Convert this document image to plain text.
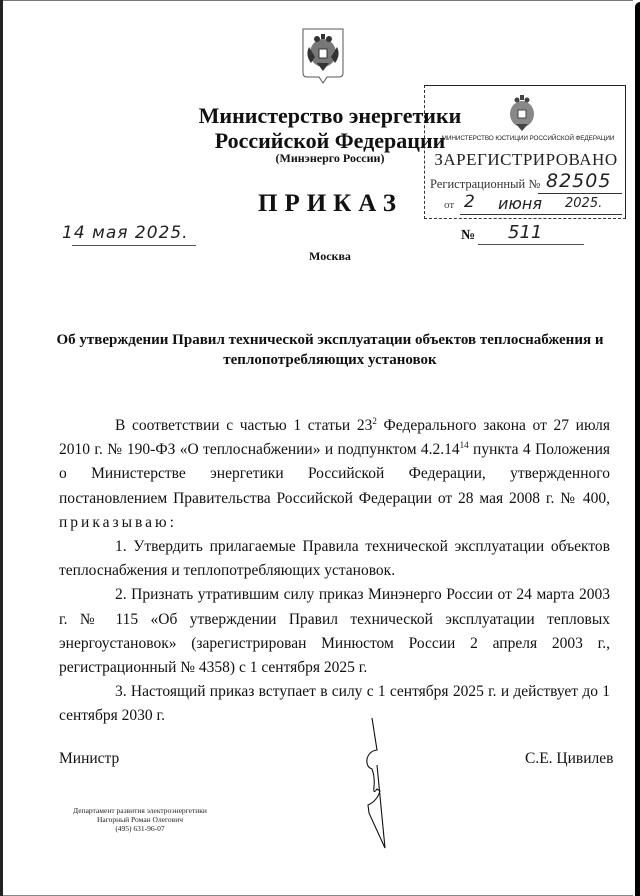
Министерство энергетики
Российской Федерации
(Минэнерго России)
ПРИКАЗ
МИНИСТЕРСТВО ЮСТИЦИИ РОССИЙСКОЙ ФЕДЕРАЦИИ
ЗАРЕГИСТРИРОВАНО
Регистрационный № 82505
от 2 июня 2025.
14 мая 2025.	№ 511
Москва
Об утверждении Правил технической эксплуатации объектов теплоснабжения и теплопотребляющих установок

В соответствии с частью 1 статьи $23^2$ Федерального закона от 27 июля 2010 г. № 190-ФЗ «О теплоснабжении» и подпунктом 4.2.14$^{14}$ пункта 4 Положения о Министерстве энергетики Российской Федерации, утвержденного постановлением Правительства Российской Федерации от 28 мая 2008 г. № 400, приказываю:

1. Утвердить прилагаемые Правила технической эксплуатации объектов теплоснабжения и теплопотребляющих установок.

2. Признать утратившим силу приказ Минэнерго России от 24 марта 2003 г. № 115 «Об утверждении Правил технической эксплуатации тепловых энергоустановок» (зарегистрирован Минюстом России 2 апреля 2003 г., регистрационный № 4358) с 1 сентября 2025 г.

3. Настоящий приказ вступает в силу с 1 сентября 2025 г. и действует до 1 сентября 2030 г.

Министр	С.Е. Цивилев
Департамент развития электроэнергетики
Нагорный Роман Олегович
(495) 631-96-07
